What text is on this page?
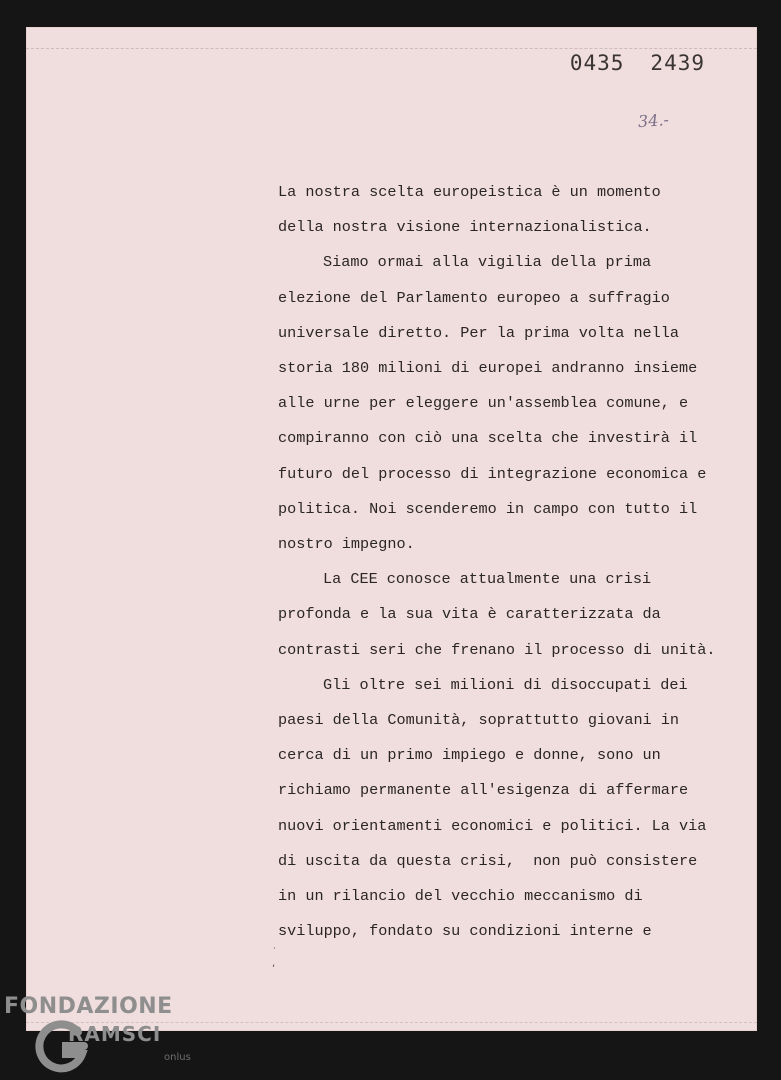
0435 2439
34.-

La nostra scelta europeistica è un momento
della nostra visione internazionalistica.

Siamo ormai alla vigilia della prima
elezione del Parlamento europeo a suffragio
universale diretto. Per la prima volta nella
storia 180 milioni di europei andranno insieme
alle urne per eleggere un'assemblea comune, e
compiranno con ciò una scelta che investirà il
futuro del processo di integrazione economica e
politica. Noi scenderemo in campo con tutto il
nostro impegno.

La CEE conosce attualmente una crisi
profonda e la sua vita è caratterizzata da
contrasti seri che frenano il processo di unità.

Gli oltre sei milioni di disoccupati dei
paesi della Comunità, soprattutto giovani in
cerca di un primo impiego e donne, sono un
richiamo permanente all'esigenza di affermare
nuovi orientamenti economici e politici. La via
di uscita da questa crisi,  non può consistere
in un rilancio del vecchio meccanismo di
sviluppo, fondato su condizioni interne e

˙ ,
FONDAZIONE
RAMSCI
onlus
